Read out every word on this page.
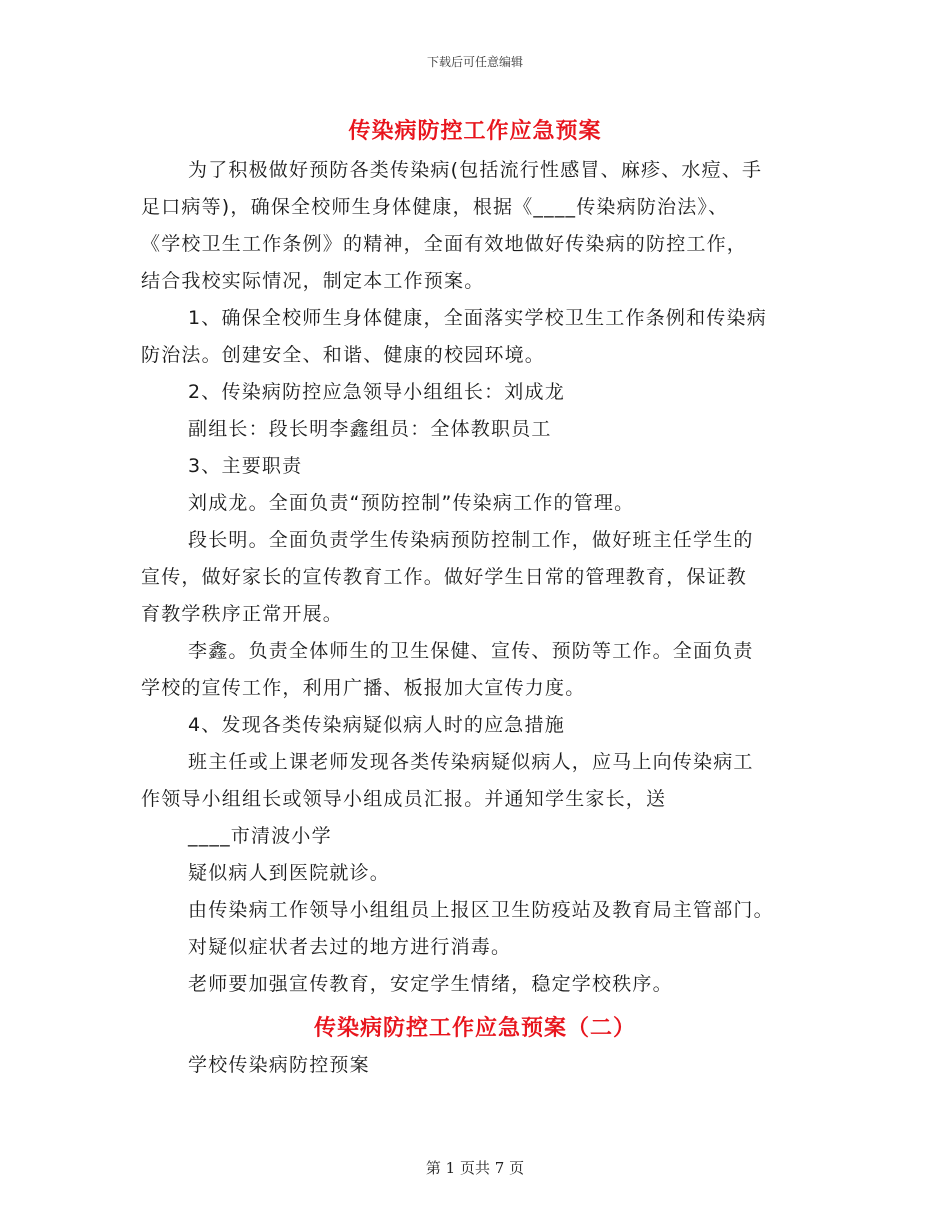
下载后可任意编辑
传染病防控工作应急预案
为了积极做好预防各类传染病(包括流行性感冒、麻疹、水痘、手
足口病等)，确保全校师生身体健康，根据《____传染病防治法》、
《学校卫生工作条例》的精神，全面有效地做好传染病的防控工作，
结合我校实际情况，制定本工作预案。
1、确保全校师生身体健康，全面落实学校卫生工作条例和传染病
防治法。创建安全、和谐、健康的校园环境。
2、传染病防控应急领导小组组长：刘成龙
副组长：段长明李鑫组员：全体教职员工
3、主要职责
刘成龙。全面负责“预防控制”传染病工作的管理。
段长明。全面负责学生传染病预防控制工作，做好班主任学生的
宣传，做好家长的宣传教育工作。做好学生日常的管理教育，保证教
育教学秩序正常开展。
李鑫。负责全体师生的卫生保健、宣传、预防等工作。全面负责
学校的宣传工作，利用广播、板报加大宣传力度。
4、发现各类传染病疑似病人时的应急措施
班主任或上课老师发现各类传染病疑似病人，应马上向传染病工
作领导小组组长或领导小组成员汇报。并通知学生家长，送
____市清波小学
疑似病人到医院就诊。
由传染病工作领导小组组员上报区卫生防疫站及教育局主管部门。
对疑似症状者去过的地方进行消毒。
老师要加强宣传教育，安定学生情绪，稳定学校秩序。
传染病防控工作应急预案（二）
学校传染病防控预案
第 1 页共 7 页
